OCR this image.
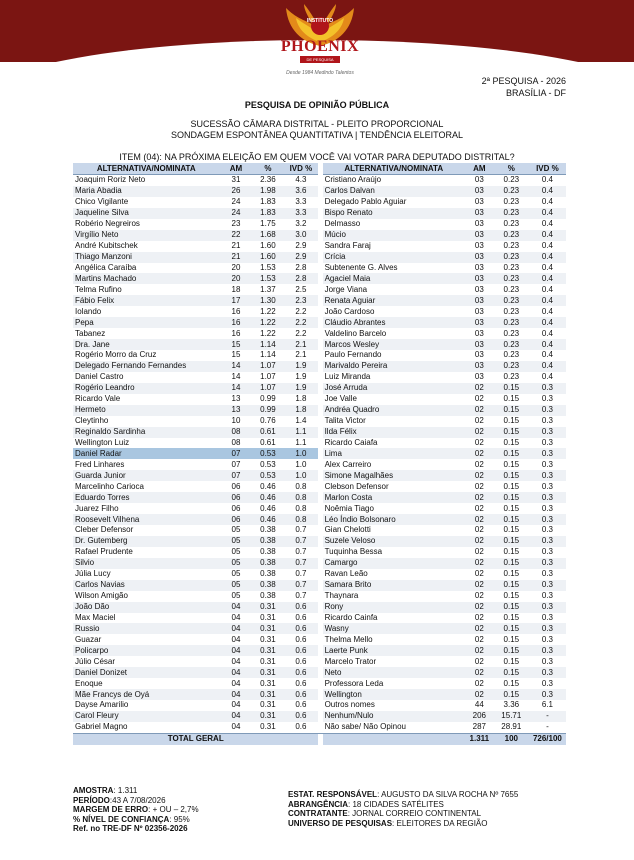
INSTITUTO
PHOENIX
DE PESQUISA
Desde 1984 Medindo Talentos
2ª PESQUISA - 2026
BRASÍLIA - DF
PESQUISA DE OPINIÃO PÚBLICA
SUCESSÃO CÂMARA DISTRITAL - PLEITO PROPORCIONAL
SONDAGEM ESPONTÂNEA QUANTITATIVA | TENDÊNCIA ELEITORAL
ITEM (04): NA PRÓXIMA ELEIÇÃO EM QUEM VOCÊ VAI VOTAR PARA DEPUTADO DISTRITAL?
ALTERNATIVA/NOMINATA	AM	%	IVD %		ALTERNATIVA/NOMINATA	AM	%	IVD %
Joaquim Roriz Neto	31	2.36	4.3		Cristiano Araújo	03	0.23	0.4
Maria Abadia	26	1.98	3.6		Carlos Dalvan	03	0.23	0.4
Chico Vigilante	24	1.83	3.3		Delegado Pablo Aguiar	03	0.23	0.4
Jaqueline Silva	24	1.83	3.3		Bispo Renato	03	0.23	0.4
Robério Negreiros	23	1.75	3.2		Delmasso	03	0.23	0.4
Virgílio Neto	22	1.68	3.0		Múcio	03	0.23	0.4
André Kubitschek	21	1.60	2.9		Sandra Faraj	03	0.23	0.4
Thiago Manzoni	21	1.60	2.9		Crícia	03	0.23	0.4
Angélica Caraíba	20	1.53	2.8		Subtenente G. Alves	03	0.23	0.4
Martins Machado	20	1.53	2.8		Agaciel Maia	03	0.23	0.4
Telma Rufino	18	1.37	2.5		Jorge Viana	03	0.23	0.4
Fábio Felix	17	1.30	2.3		Renata Aguiar	03	0.23	0.4
Iolando	16	1.22	2.2		João Cardoso	03	0.23	0.4
Pepa	16	1.22	2.2		Cláudio Abrantes	03	0.23	0.4
Tabanez	16	1.22	2.2		Valdelino Barcelo	03	0.23	0.4
Dra. Jane	15	1.14	2.1		Marcos Wesley	03	0.23	0.4
Rogério Morro da Cruz	15	1.14	2.1		Paulo Fernando	03	0.23	0.4
Delegado Fernando Fernandes	14	1.07	1.9		Marivaldo Pereira	03	0.23	0.4
Daniel Castro	14	1.07	1.9		Luiz Miranda	03	0.23	0.4
Rogério Leandro	14	1.07	1.9		José Arruda	02	0.15	0.3
Ricardo Vale	13	0.99	1.8		Joe Valle	02	0.15	0.3
Hermeto	13	0.99	1.8		Andréa Quadro	02	0.15	0.3
Cleytinho	10	0.76	1.4		Talita Victor	02	0.15	0.3
Reginaldo Sardinha	08	0.61	1.1		Ilda Félix	02	0.15	0.3
Wellington Luiz	08	0.61	1.1		Ricardo Caiafa	02	0.15	0.3
Daniel Radar	07	0.53	1.0		Lima	02	0.15	0.3
Fred Linhares	07	0.53	1.0		Alex Carreiro	02	0.15	0.3
Guarda Junior	07	0.53	1.0		Simone Magalhães	02	0.15	0.3
Marcelinho Carioca	06	0.46	0.8		Clebson Defensor	02	0.15	0.3
Eduardo Torres	06	0.46	0.8		Marlon Costa	02	0.15	0.3
Juarez Filho	06	0.46	0.8		Noêmia Tiago	02	0.15	0.3
Roosevelt Vilhena	06	0.46	0.8		Léo Índio Bolsonaro	02	0.15	0.3
Cleber Defensor	05	0.38	0.7		Gian Chelotti	02	0.15	0.3
Dr. Gutemberg	05	0.38	0.7		Suzele Veloso	02	0.15	0.3
Rafael Prudente	05	0.38	0.7		Tuquinha Bessa	02	0.15	0.3
Silvio	05	0.38	0.7		Camargo	02	0.15	0.3
Júlia Lucy	05	0.38	0.7		Ravan Leão	02	0.15	0.3
Carlos Navias	05	0.38	0.7		Samara Brito	02	0.15	0.3
Wilson Amigão	05	0.38	0.7		Thaynara	02	0.15	0.3
João Dão	04	0.31	0.6		Rony	02	0.15	0.3
Max Maciel	04	0.31	0.6		Ricardo Cainfa	02	0.15	0.3
Russio	04	0.31	0.6		Wasny	02	0.15	0.3
Guazar	04	0.31	0.6		Thelma Mello	02	0.15	0.3
Policarpo	04	0.31	0.6		Laerte Punk	02	0.15	0.3
Júlio César	04	0.31	0.6		Marcelo Trator	02	0.15	0.3
Daniel Donizet	04	0.31	0.6		Neto	02	0.15	0.3
Enoque	04	0.31	0.6		Professora Leda	02	0.15	0.3
Mãe Francys de Oyá	04	0.31	0.6		Wellington	02	0.15	0.3
Dayse Amarilio	04	0.31	0.6		Outros nomes	44	3.36	6.1
Carol Fleury	04	0.31	0.6		Nenhum/Nulo	206	15.71	-
Gabriel Magno	04	0.31	0.6		Não sabe/ Não Opinou	287	28.91	-
TOTAL GERAL						1.311	100	726/100
AMOSTRA: 1.311
PERÍODO:43 A 7/08/2026
MARGEM DE ERRO: + OU – 2,7%
% NÍVEL DE CONFIANÇA: 95%
Ref. no TRE-DF Nº 02356-2026
ESTAT. RESPONSÁVEL: AUGUSTO DA SILVA ROCHA Nº 7655
ABRANGÊNCIA: 18 CIDADES SATÉLITES
CONTRATANTE: JORNAL CORREIO CONTINENTAL
UNIVERSO DE PESQUISAS: ELEITORES DA REGIÃO
